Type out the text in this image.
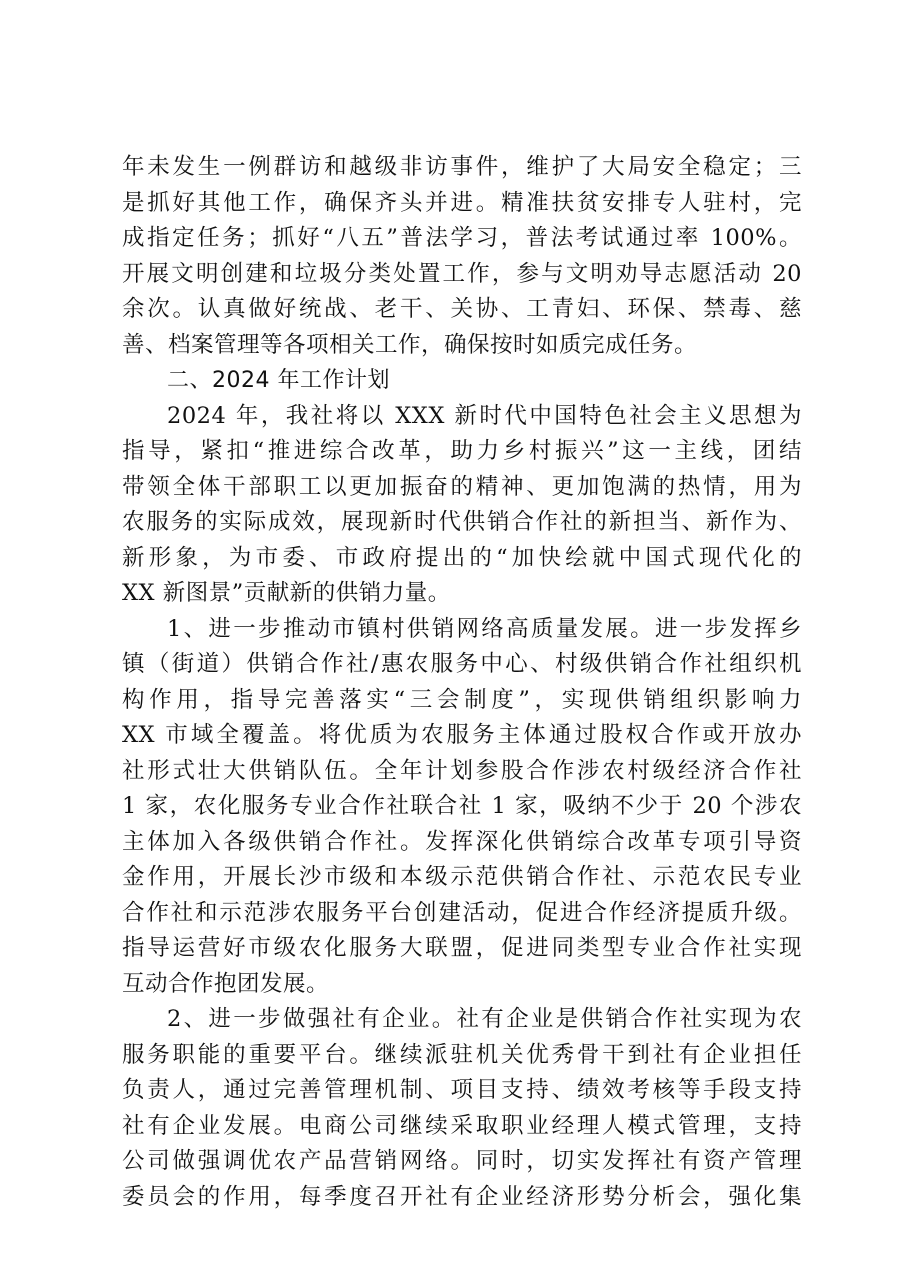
年未发生一例群访和越级非访事件，维护了大局安全稳定；三
是抓好其他工作，确保齐头并进。精准扶贫安排专人驻村，完
成指定任务；抓好“八五”普法学习，普法考试通过率 100%。
开展文明创建和垃圾分类处置工作，参与文明劝导志愿活动 20
余次。认真做好统战、老干、关协、工青妇、环保、禁毒、慈
善、档案管理等各项相关工作，确保按时如质完成任务。
二、2024 年工作计划
2024 年，我社将以 XXX 新时代中国特色社会主义思想为
指导，紧扣“推进综合改革，助力乡村振兴”这一主线，团结
带领全体干部职工以更加振奋的精神、更加饱满的热情，用为
农服务的实际成效，展现新时代供销合作社的新担当、新作为、
新形象，为市委、市政府提出的“加快绘就中国式现代化的
XX 新图景”贡献新的供销力量。
1、进一步推动市镇村供销网络高质量发展。进一步发挥乡
镇（街道）供销合作社/惠农服务中心、村级供销合作社组织机
构作用，指导完善落实“三会制度”，实现供销组织影响力
XX 市域全覆盖。将优质为农服务主体通过股权合作或开放办
社形式壮大供销队伍。全年计划参股合作涉农村级经济合作社
1 家，农化服务专业合作社联合社 1 家，吸纳不少于 20 个涉农
主体加入各级供销合作社。发挥深化供销综合改革专项引导资
金作用，开展长沙市级和本级示范供销合作社、示范农民专业
合作社和示范涉农服务平台创建活动，促进合作经济提质升级。
指导运营好市级农化服务大联盟，促进同类型专业合作社实现
互动合作抱团发展。
2、进一步做强社有企业。社有企业是供销合作社实现为农
服务职能的重要平台。继续派驻机关优秀骨干到社有企业担任
负责人，通过完善管理机制、项目支持、绩效考核等手段支持
社有企业发展。电商公司继续采取职业经理人模式管理，支持
公司做强调优农产品营销网络。同时，切实发挥社有资产管理
委员会的作用，每季度召开社有企业经济形势分析会，强化集
